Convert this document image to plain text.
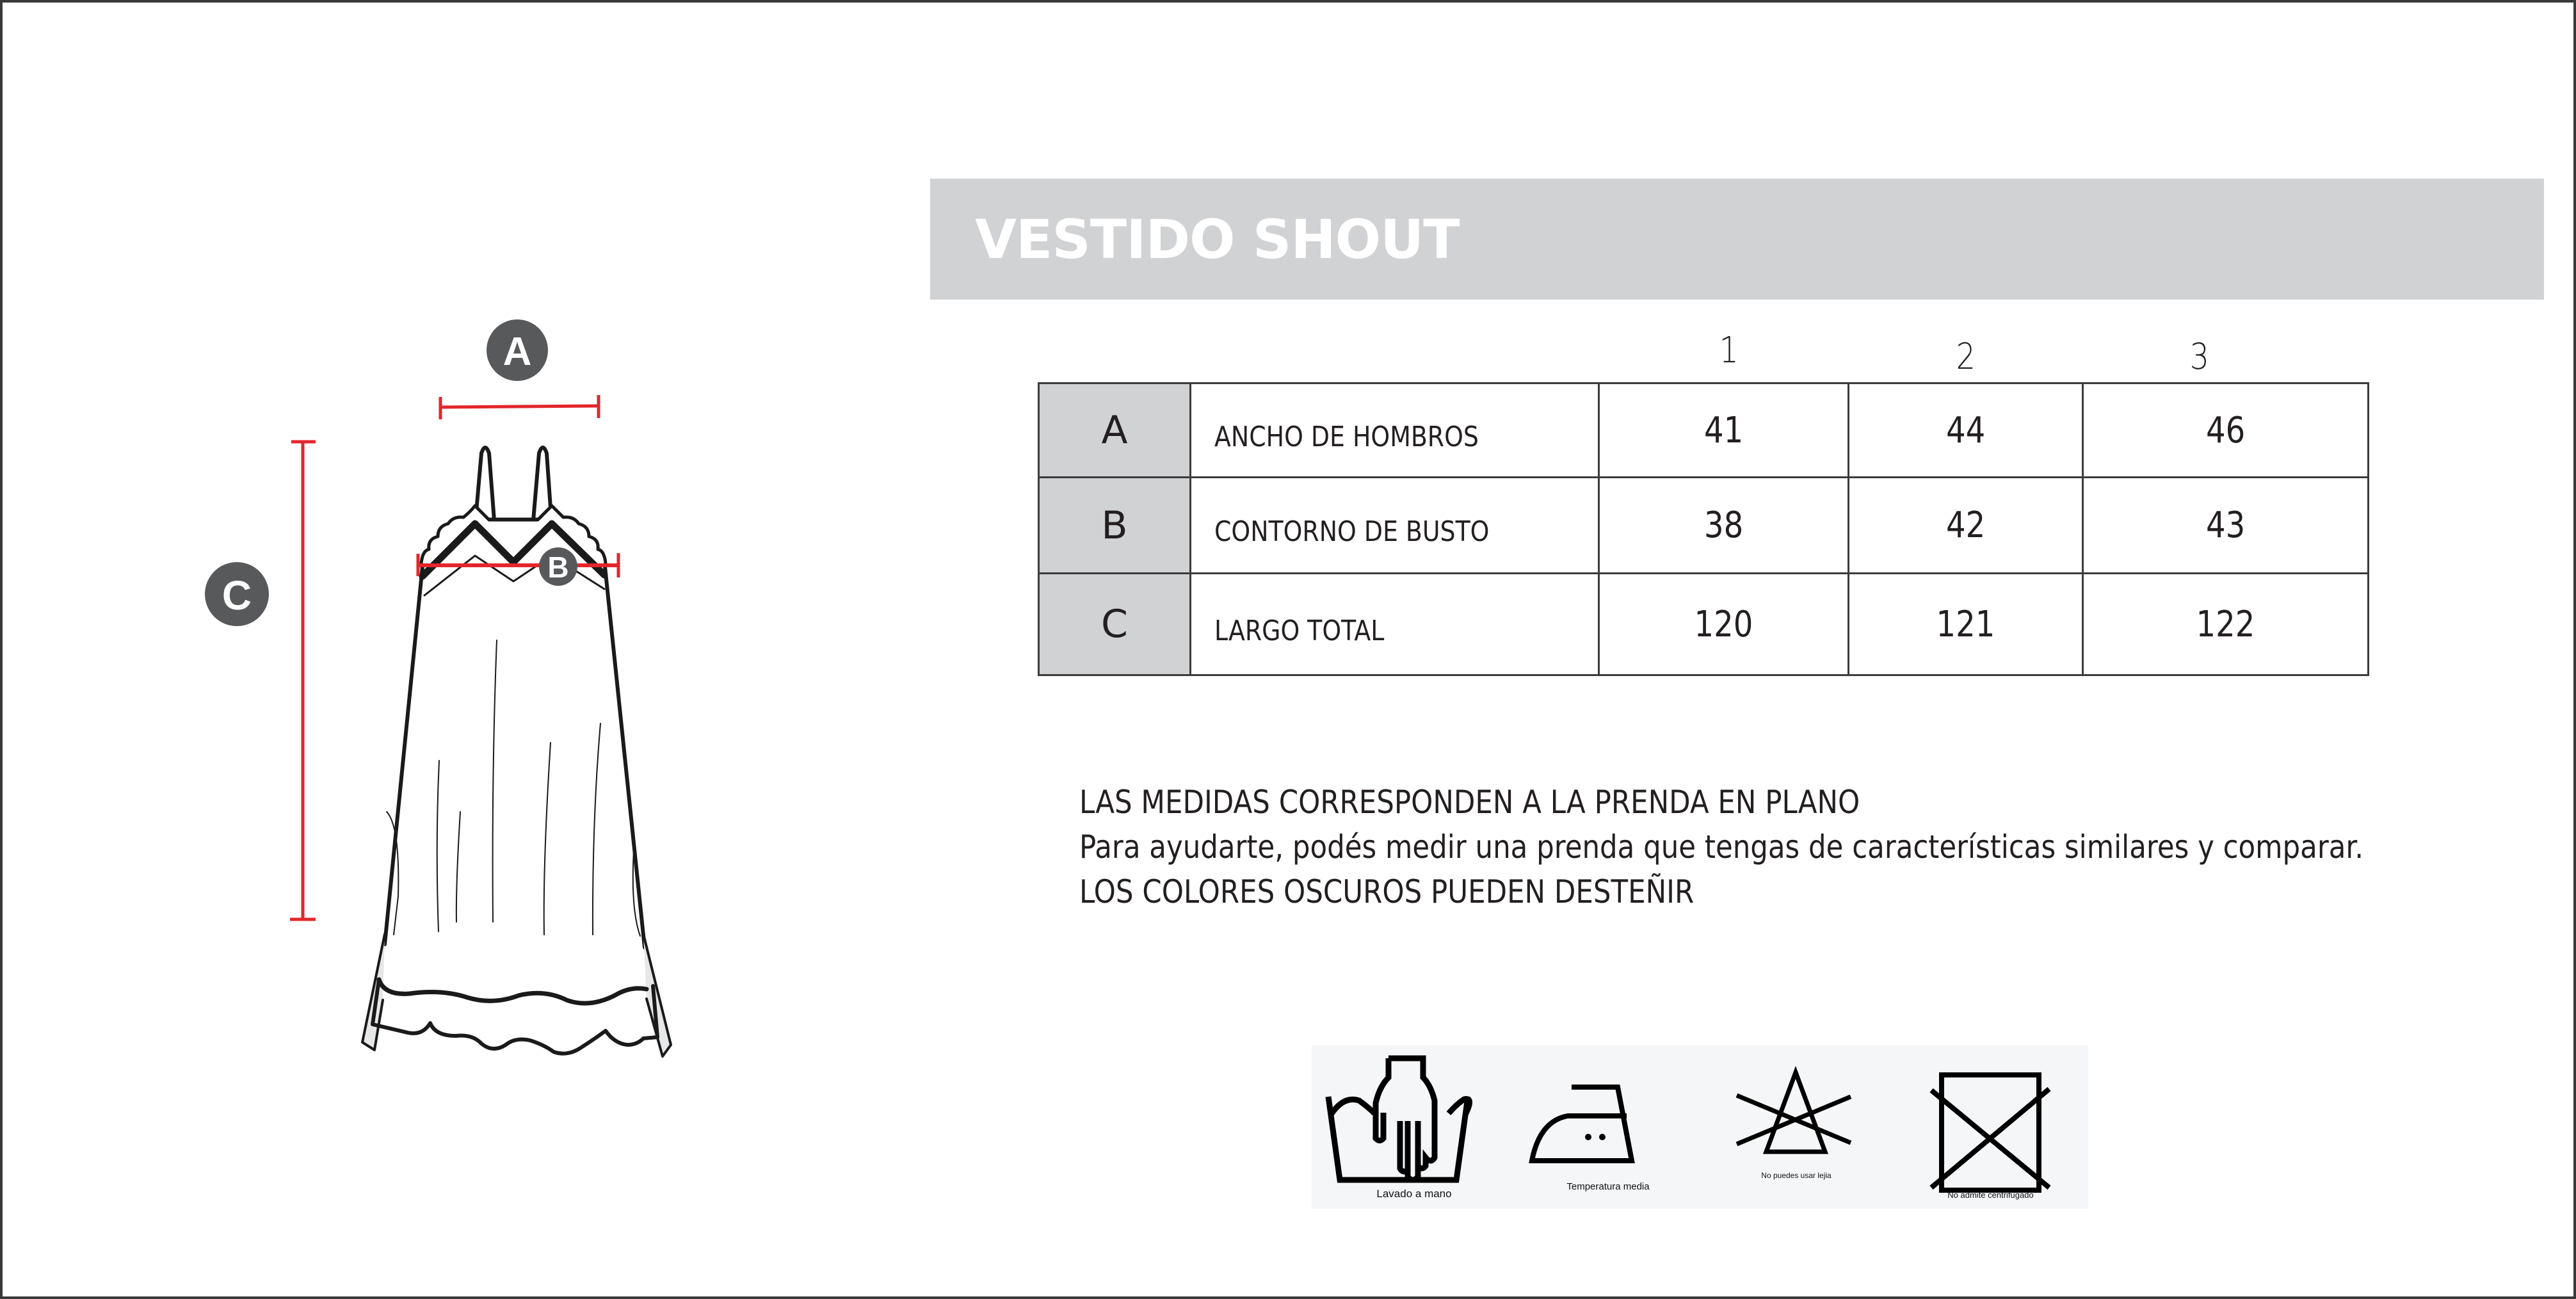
A
C
B
VESTIDO SHOUT
1	2	3
A	ANCHO DE HOMBROS	41	44	46
B	CONTORNO DE BUSTO	38	42	43
C	LARGO TOTAL	120	121	122
LAS MEDIDAS CORRESPONDEN A LA PRENDA EN PLANO
Para ayudarte, podés medir una prenda que tengas de características similares y comparar.
LOS COLORES OSCUROS PUEDEN DESTEÑIR
Lavado a mano
Temperatura media
No puedes usar lejia
No admite centrifugado
